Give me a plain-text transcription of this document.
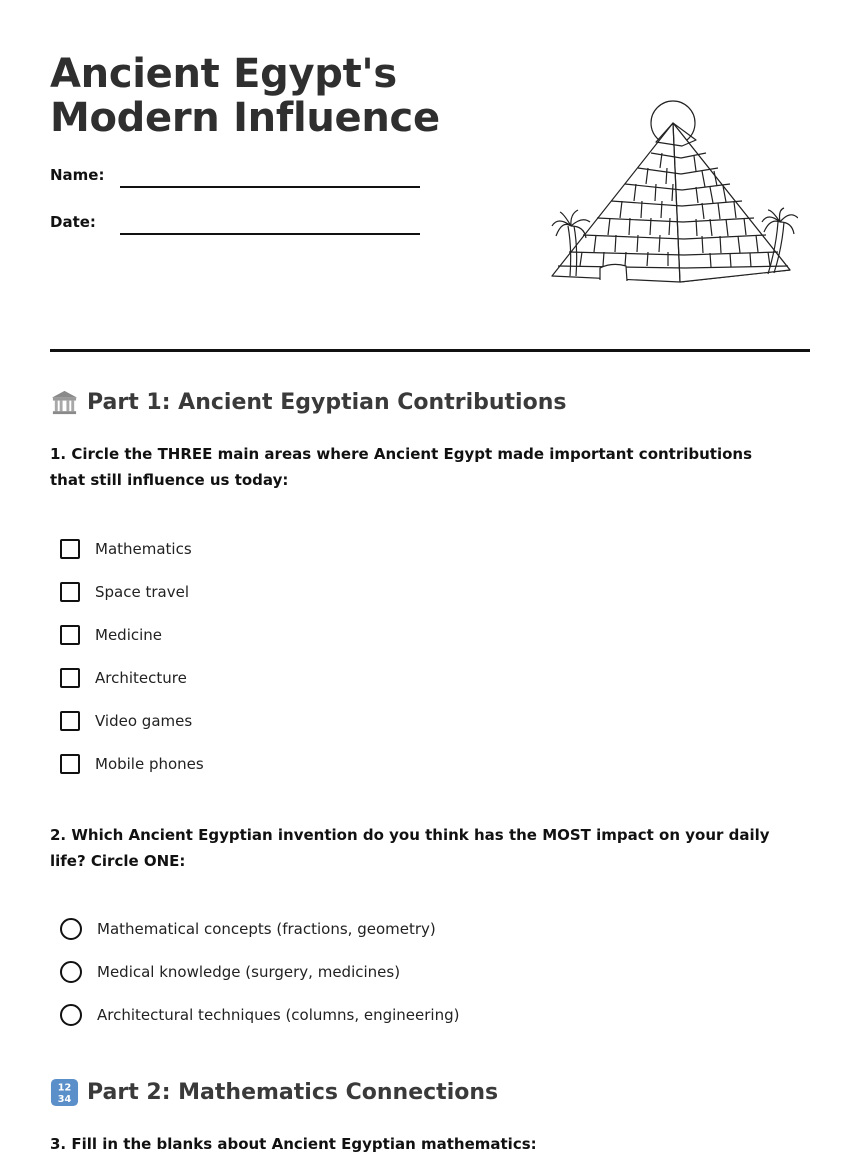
Ancient Egypt's Modern Influence
Name:
Date:
Part 1: Ancient Egyptian Contributions

1. Circle the THREE main areas where Ancient Egypt made important contributions that still influence us today:

Mathematics
Space travel
Medicine
Architecture
Video games
Mobile phones

2. Which Ancient Egyptian invention do you think has the MOST impact on your daily life? Circle ONE:

Mathematical concepts (fractions, geometry)
Medical knowledge (surgery, medicines)
Architectural techniques (columns, engineering)
12
34 Part 2: Mathematics Connections

3. Fill in the blanks about Ancient Egyptian mathematics:
